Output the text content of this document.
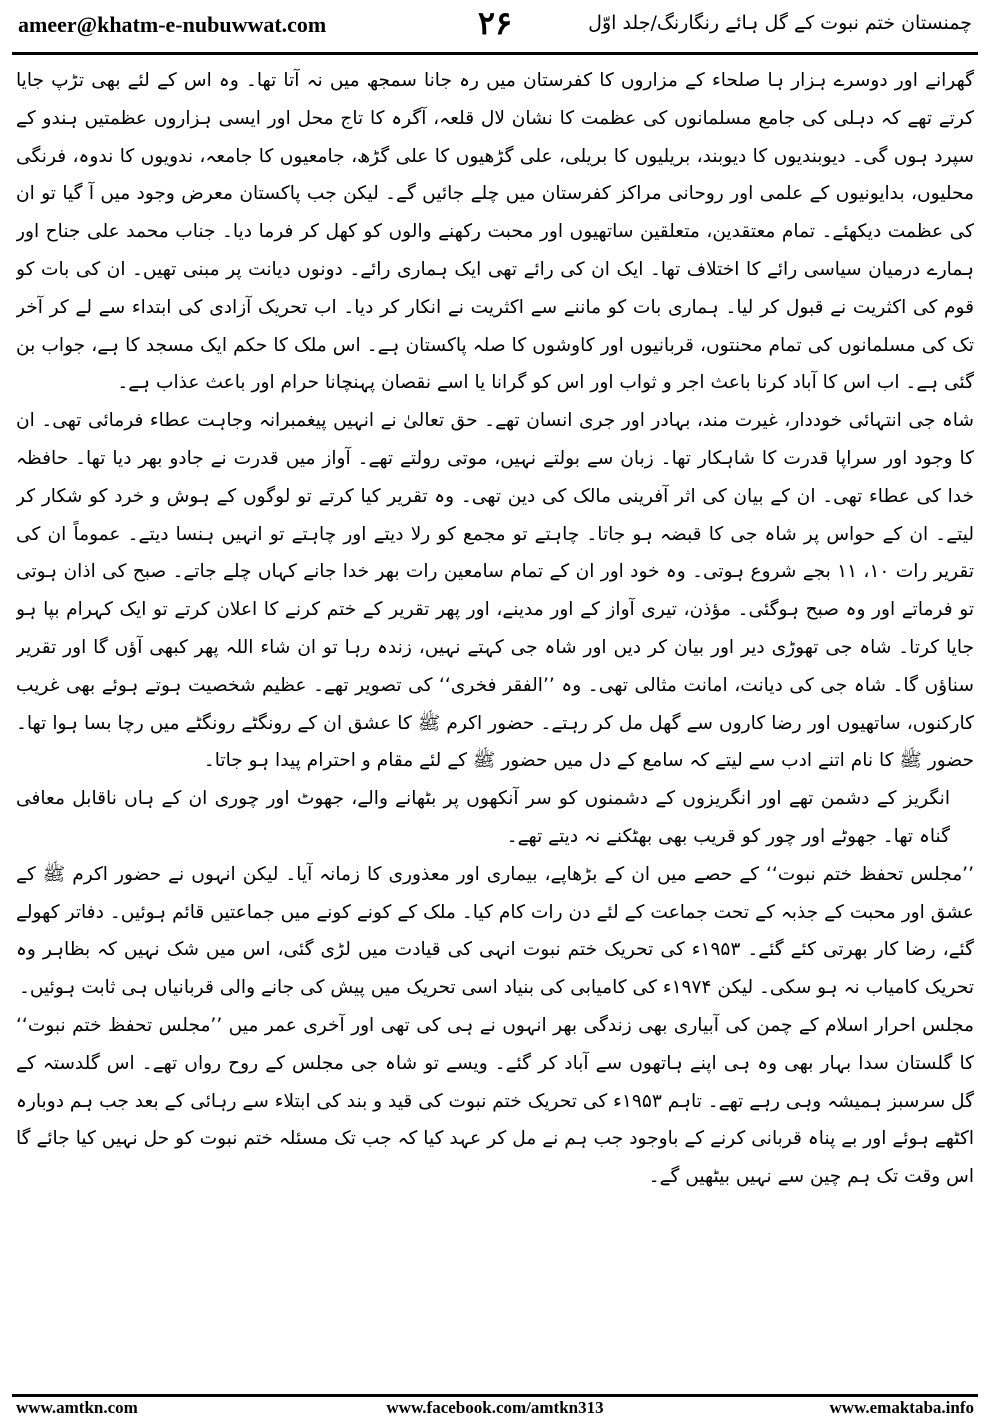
ameer@khatm-e-nubuwwat.com	۲۶	چمنستان ختم نبوت کے گل ہائے رنگارنگ/جلد اوّل

گھرانے اور دوسرے ہزار ہا صلحاء کے مزاروں کا کفرستان میں رہ جانا سمجھ میں نہ آتا تھا۔ وہ اس کے لئے بھی تڑپ جایا کرتے تھے کہ دہلی کی جامع مسلمانوں کی عظمت کا نشان لال قلعہ، آگرہ کا تاج محل اور ایسی ہزاروں عظمتیں ہندو کے سپرد ہوں گی۔ دیوبندیوں کا دیوبند، بریلیوں کا بریلی، علی گڑھیوں کا علی گڑھ، جامعیوں کا جامعہ، ندویوں کا ندوہ، فرنگی محلیوں، بدایونیوں کے علمی اور روحانی مراکز کفرستان میں چلے جائیں گے۔ لیکن جب پاکستان معرض وجود میں آ گیا تو ان کی عظمت دیکھئے۔ تمام معتقدین، متعلقین ساتھیوں اور محبت رکھنے والوں کو کھل کر فرما دیا۔ جناب محمد علی جناح اور ہمارے درمیان سیاسی رائے کا اختلاف تھا۔ ایک ان کی رائے تھی ایک ہماری رائے۔ دونوں دیانت پر مبنی تھیں۔ ان کی بات کو قوم کی اکثریت نے قبول کر لیا۔ ہماری بات کو ماننے سے اکثریت نے انکار کر دیا۔ اب تحریک آزادی کی ابتداء سے لے کر آخر تک کی مسلمانوں کی تمام محنتوں، قربانیوں اور کاوشوں کا صلہ پاکستان ہے۔ اس ملک کا حکم ایک مسجد کا ہے، جواب بن گئی ہے۔ اب اس کا آباد کرنا باعث اجر و ثواب اور اس کو گرانا یا اسے نقصان پہنچانا حرام اور باعث عذاب ہے۔

شاہ جی انتہائی خوددار، غیرت مند، بہادر اور جری انسان تھے۔ حق تعالیٰ نے انہیں پیغمبرانہ وجاہت عطاء فرمائی تھی۔ ان کا وجود اور سراپا قدرت کا شاہکار تھا۔ زبان سے بولتے نہیں، موتی رولتے تھے۔ آواز میں قدرت نے جادو بھر دیا تھا۔ حافظہ خدا کی عطاء تھی۔ ان کے بیان کی اثر آفرینی مالک کی دین تھی۔ وہ تقریر کیا کرتے تو لوگوں کے ہوش و خرد کو شکار کر لیتے۔ ان کے حواس پر شاہ جی کا قبضہ ہو جاتا۔ چاہتے تو مجمع کو رلا دیتے اور چاہتے تو انہیں ہنسا دیتے۔ عموماً ان کی تقریر رات ۱۰، ۱۱ بجے شروع ہوتی۔ وہ خود اور ان کے تمام سامعین رات بھر خدا جانے کہاں چلے جاتے۔ صبح کی اذان ہوتی تو فرماتے اور وہ صبح ہوگئی۔ مؤذن، تیری آواز کے اور مدینے، اور پھر تقریر کے ختم کرنے کا اعلان کرتے تو ایک کہرام بپا ہو جایا کرتا۔ شاہ جی تھوڑی دیر اور بیان کر دیں اور شاہ جی کہتے نہیں، زندہ رہا تو ان شاء اللہ پھر کبھی آؤں گا اور تقریر سناؤں گا۔ شاہ جی کی دیانت، امانت مثالی تھی۔ وہ ’’الفقر فخری‘‘ کی تصویر تھے۔ عظیم شخصیت ہوتے ہوئے بھی غریب کارکنوں، ساتھیوں اور رضا کاروں سے گھل مل کر رہتے۔ حضور اکرم ﷺ کا عشق ان کے رونگٹے رونگٹے میں رچا بسا ہوا تھا۔ حضور ﷺ کا نام اتنے ادب سے لیتے کہ سامع کے دل میں حضور ﷺ کے لئے مقام و احترام پیدا ہو جاتا۔

انگریز کے دشمن تھے اور انگریزوں کے دشمنوں کو سر آنکھوں پر بٹھانے والے، جھوٹ اور چوری ان کے ہاں ناقابل معافی گناہ تھا۔ جھوٹے اور چور کو قریب بھی بھٹکنے نہ دیتے تھے۔

’’مجلس تحفظ ختم نبوت‘‘ کے حصے میں ان کے بڑھاپے، بیماری اور معذوری کا زمانہ آیا۔ لیکن انہوں نے حضور اکرم ﷺ کے عشق اور محبت کے جذبہ کے تحت جماعت کے لئے دن رات کام کیا۔ ملک کے کونے کونے میں جماعتیں قائم ہوئیں۔ دفاتر کھولے گئے، رضا کار بھرتی کئے گئے۔ ۱۹۵۳ء کی تحریک ختم نبوت انہی کی قیادت میں لڑی گئی، اس میں شک نہیں کہ بظاہر وہ تحریک کامیاب نہ ہو سکی۔ لیکن ۱۹۷۴ء کی کامیابی کی بنیاد اسی تحریک میں پیش کی جانے والی قربانیاں ہی ثابت ہوئیں۔

مجلس احرار اسلام کے چمن کی آبیاری بھی زندگی بھر انہوں نے ہی کی تھی اور آخری عمر میں ’’مجلس تحفظ ختم نبوت‘‘ کا گلستان سدا بہار بھی وہ ہی اپنے ہاتھوں سے آباد کر گئے۔ ویسے تو شاہ جی مجلس کے روح رواں تھے۔ اس گلدستہ کے گل سرسبز ہمیشہ وہی رہے تھے۔ تاہم ۱۹۵۳ء کی تحریک ختم نبوت کی قید و بند کی ابتلاء سے رہائی کے بعد جب ہم دوبارہ اکٹھے ہوئے اور بے پناہ قربانی کرنے کے باوجود جب ہم نے مل کر عہد کیا کہ جب تک مسئلہ ختم نبوت کو حل نہیں کیا جائے گا اس وقت تک ہم چین سے نہیں بیٹھیں گے۔

www.amtkn.com	www.facebook.com/amtkn313	www.emaktaba.info
